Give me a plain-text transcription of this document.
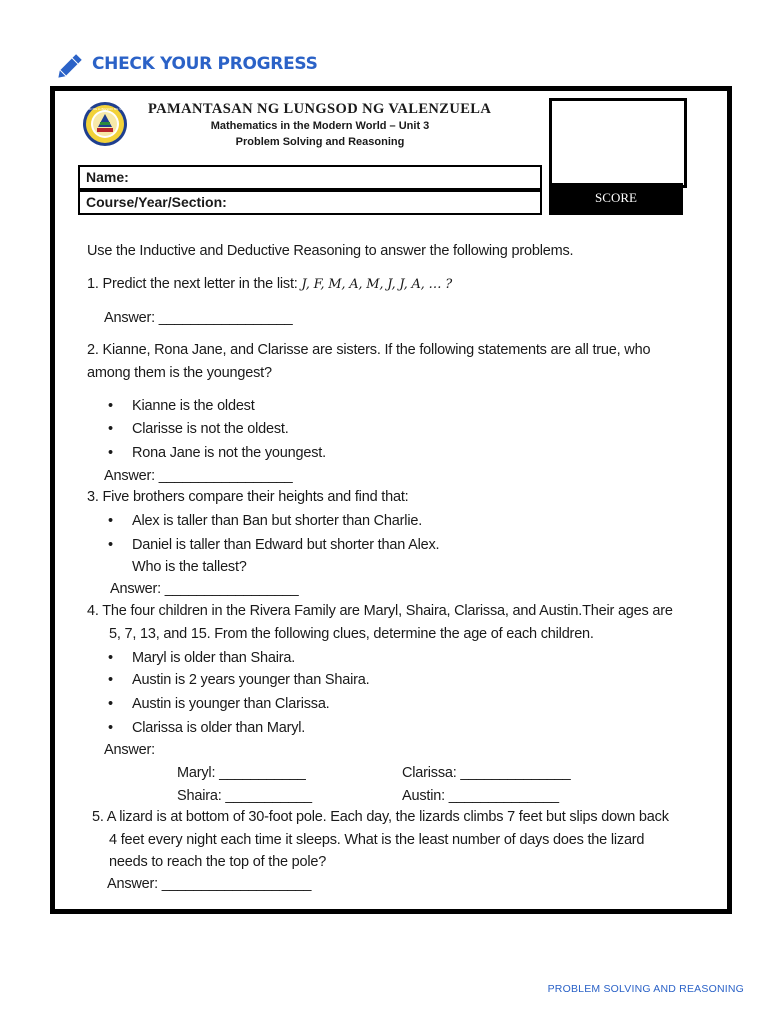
CHECK YOUR PROGRESS
PAMANTASAN NG LUNGSOD NG VALENZUELA PAMANTASAN NG LUNGSOD NG VALENZUELA
Mathematics in the Modern World – Unit 3
Problem Solving and Reasoning
SCORE
Name:
Course/Year/Section:
Use the Inductive and Deductive Reasoning to answer the following problems.
1. Predict the next letter in the list: J, F, M, A, M, J, J, A, … ?
Answer: _________________
2. Kianne, Rona Jane, and Clarisse are sisters. If the following statements are all true, who
among them is the youngest?
• Kianne is the oldest
• Clarisse is not the oldest.
• Rona Jane is not the youngest.
Answer: _________________
3. Five brothers compare their heights and find that:
• Alex is taller than Ban but shorter than Charlie.
• Daniel is taller than Edward but shorter than Alex.
Who is the tallest?
Answer: _________________
4. The four children in the Rivera Family are Maryl, Shaira, Clarissa, and Austin.Their ages are
5, 7, 13, and 15. From the following clues, determine the age of each children.
• Maryl is older than Shaira.
• Austin is 2 years younger than Shaira.
• Austin is younger than Clarissa.
• Clarissa is older than Maryl.
Answer:
Maryl: ___________	Clarissa: ______________
Shaira: ___________	Austin: ______________
5. A lizard is at bottom of 30-foot pole. Each day, the lizards climbs 7 feet but slips down back
4 feet every night each time it sleeps. What is the least number of days does the lizard
needs to reach the top of the pole?
Answer: ___________________
PROBLEM SOLVING AND REASONING
